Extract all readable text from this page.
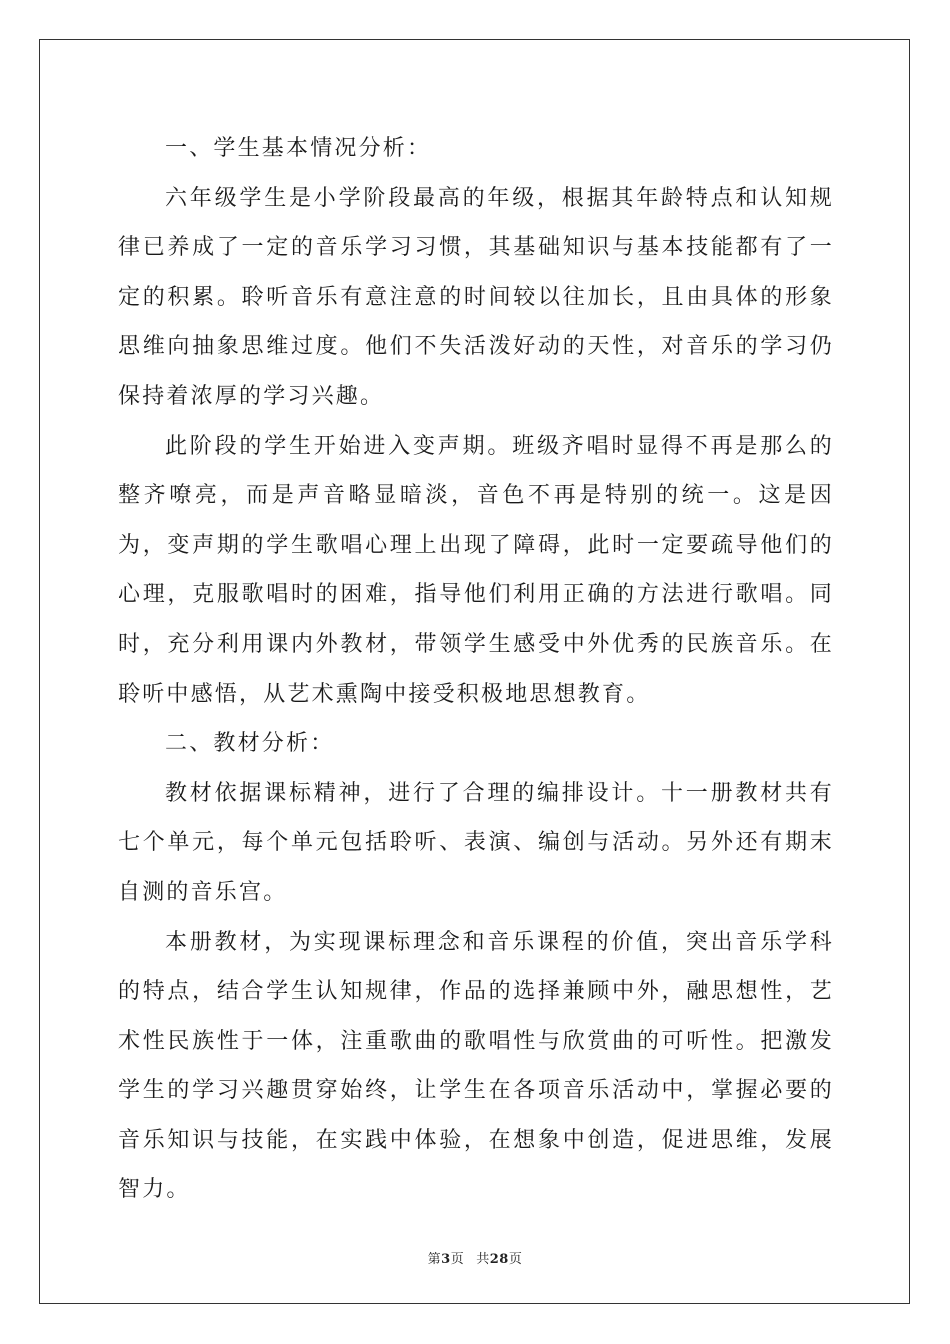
一、学生基本情况分析：

六年级学生是小学阶段最高的年级，根据其年龄特点和认知规律已养成了一定的音乐学习习惯，其基础知识与基本技能都有了一定的积累。聆听音乐有意注意的时间较以往加长，且由具体的形象思维向抽象思维过度。他们不失活泼好动的天性，对音乐的学习仍保持着浓厚的学习兴趣。

此阶段的学生开始进入变声期。班级齐唱时显得不再是那么的整齐嘹亮，而是声音略显暗淡，音色不再是特别的统一。这是因为，变声期的学生歌唱心理上出现了障碍，此时一定要疏导他们的心理，克服歌唱时的困难，指导他们利用正确的方法进行歌唱。同时，充分利用课内外教材，带领学生感受中外优秀的民族音乐。在聆听中感悟，从艺术熏陶中接受积极地思想教育。

二、教材分析：

教材依据课标精神，进行了合理的编排设计。十一册教材共有七个单元，每个单元包括聆听、表演、编创与活动。另外还有期末自测的音乐宫。

本册教材，为实现课标理念和音乐课程的价值，突出音乐学科的特点，结合学生认知规律，作品的选择兼顾中外，融思想性，艺术性民族性于一体，注重歌曲的歌唱性与欣赏曲的可听性。把激发学生的学习兴趣贯穿始终，让学生在各项音乐活动中，掌握必要的音乐知识与技能，在实践中体验，在想象中创造，促进思维，发展智力。

第3页 共28页
